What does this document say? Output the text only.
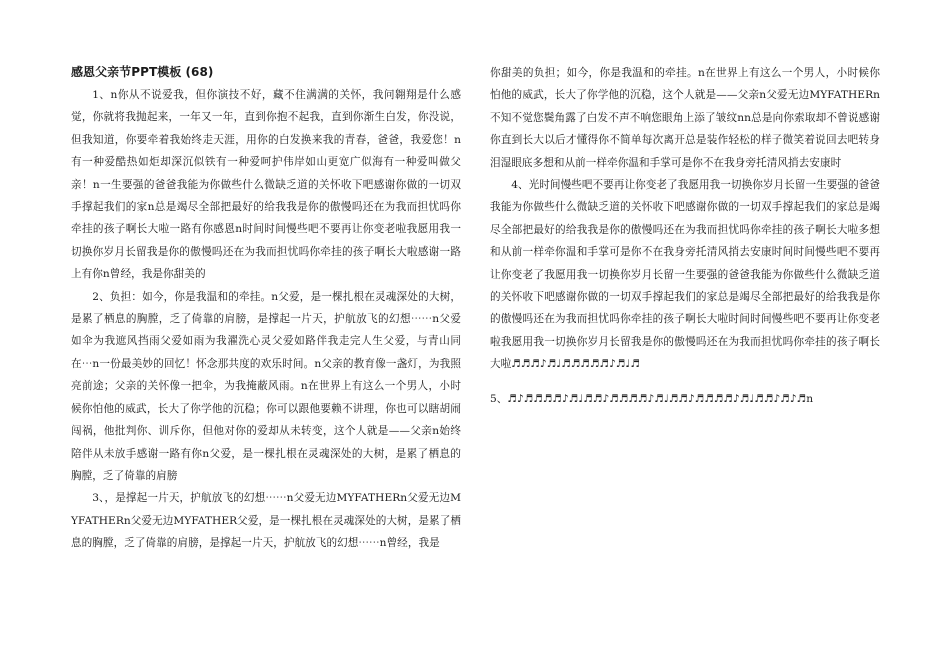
感恩父亲节PPT模板 (68)

1、n你从不说爱我，但你演技不好，藏不住满满的关怀，我问翱翔是什么感觉，你就将我抛起来，一年又一年，直到你抱不起我，直到你渐生白发，你没说，但我知道，你要牵着我始终走天涯，用你的白发换来我的青春，爸爸，我爱您！n有一种爱酷热如炬却深沉似铁有一种爱呵护伟岸如山更宽广似海有一种爱叫做父亲！n一生要强的爸爸我能为你做些什么微缺乏道的关怀收下吧感谢你做的一切双手撑起我们的家n总是竭尽全部把最好的给我我是你的傲慢吗还在为我而担忧吗你牵挂的孩子啊长大啦一路有你感恩n时间时间慢些吧不要再让你变老啦我愿用我一切换你岁月长留我是你的傲慢吗还在为我而担忧吗你牵挂的孩子啊长大啦感谢一路上有你n曾经，我是你甜美的

2、负担：如今，你是我温和的牵挂。n父爱，是一棵扎根在灵魂深处的大树，是累了栖息的胸膛，乏了倚靠的肩膀，是撑起一片天，护航放飞的幻想⋯⋯n父爱如伞为我遮风挡雨父爱如雨为我濯洗心灵父爱如路伴我走完人生父爱，与青山同在⋯n一份最美妙的回忆！怀念那共度的欢乐时间。n父亲的教育像一盏灯，为我照亮前途；父亲的关怀像一把伞，为我掩蔽风雨。n在世界上有这么一个男人，小时候你怕他的威武，长大了你学他的沉稳；你可以跟他要赖不讲理，你也可以瞎胡闹闯祸，他批判你、训斥你，但他对你的爱却从未转变，这个人就是——父亲n始终陪伴从未放手感谢一路有你n父爱，是一棵扎根在灵魂深处的大树，是累了栖息的胸膛，乏了倚靠的肩膀

3、，是撑起一片天，护航放飞的幻想⋯⋯n父爱无边MYFATHERn父爱无边MYFATHERn父爱无边MYFATHER父爱，是一棵扎根在灵魂深处的大树，是累了栖息的胸膛，乏了倚靠的肩膀，是撑起一片天，护航放飞的幻想⋯⋯n曾经，我是

你甜美的负担；如今，你是我温和的牵挂。n在世界上有这么一个男人，小时候你怕他的威武，长大了你学他的沉稳，这个人就是——父亲n父爱无边MYFATHERn不知不觉您鬓角露了白发不声不响您眼角上添了皱纹nn总是向你索取却不曾说感谢你直到长大以后才懂得你不简单每次离开总是装作轻松的样子微笑着说回去吧转身泪湿眼底多想和从前一样牵你温和手掌可是你不在我身旁托清风捎去安康时

4、光时间慢些吧不要再让你变老了我愿用我一切换你岁月长留一生要强的爸爸我能为你做些什么微缺乏道的关怀收下吧感谢你做的一切双手撑起我们的家总是竭尽全部把最好的给我我是你的傲慢吗还在为我而担忧吗你牵挂的孩子啊长大啦多想和从前一样牵你温和手掌可是你不在我身旁托清风捎去安康时间时间慢些吧不要再让你变老了我愿用我一切换你岁月长留一生要强的爸爸我能为你做些什么微缺乏道的关怀收下吧感谢你做的一切双手撑起我们的家总是竭尽全部把最好的给我我是你的傲慢吗还在为我而担忧吗你牵挂的孩子啊长大啦时间时间慢些吧不要再让你变老啦我愿用我一切换你岁月长留我是你的傲慢吗还在为我而担忧吗你牵挂的孩子啊长大啦♬♬♬♪♬♩♬♬♬♬♬♪♬♩♬

5、♬♪♬♬♬♬♪♬♩♬♬♪♬♬♬♬♪♬♩♬♬♪♬♬♬♬♪♬♩♬♬♪♬♪♬n
